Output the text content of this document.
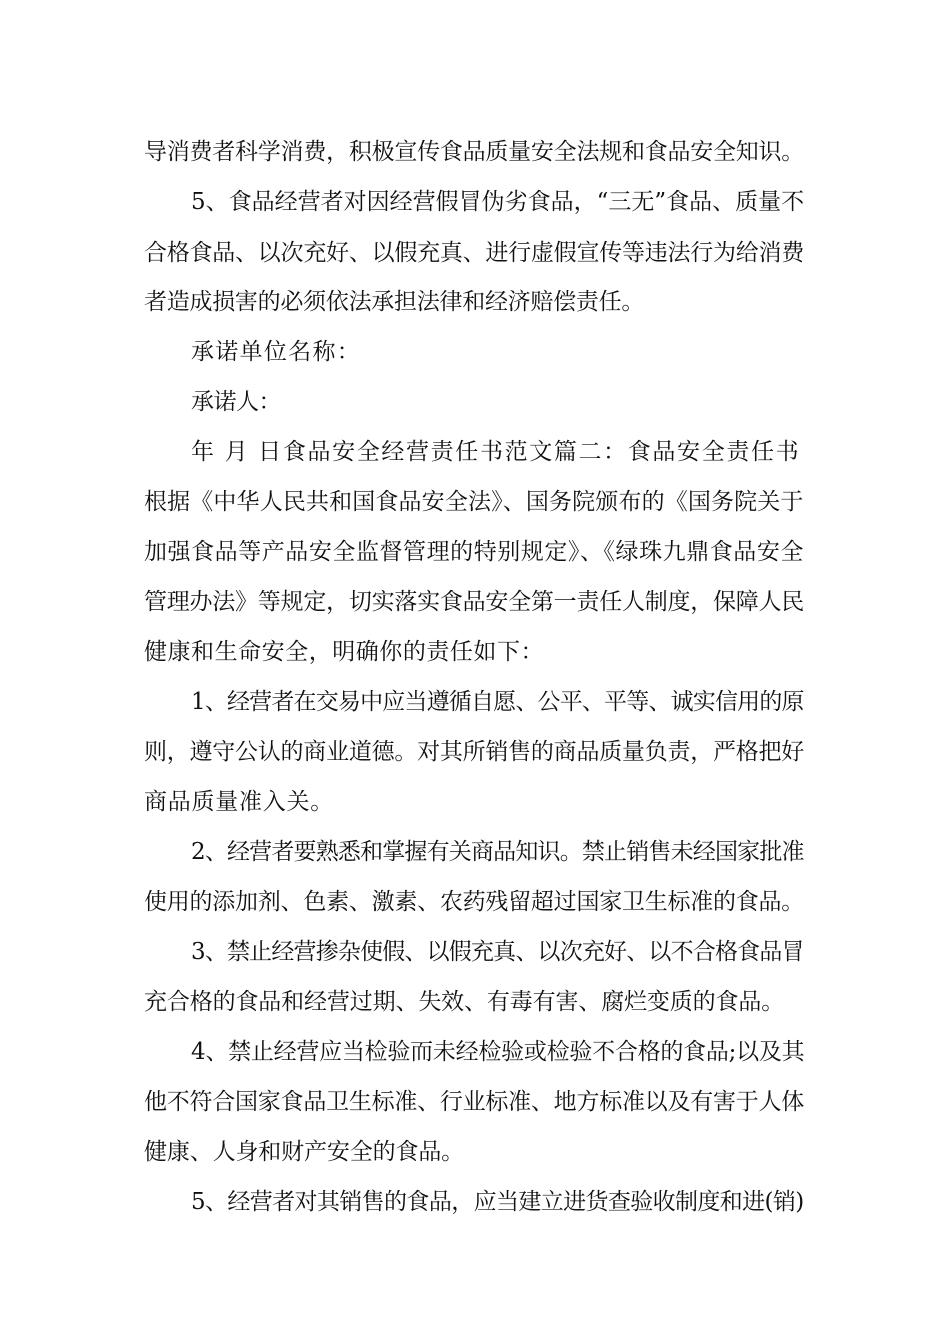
导消费者科学消费，积极宣传食品质量安全法规和食品安全知识。
5、食品经营者对因经营假冒伪劣食品，“三无”食品、质量不
合格食品、以次充好、以假充真、进行虚假宣传等违法行为给消费
者造成损害的必须依法承担法律和经济赔偿责任。
承诺单位名称：
承诺人：
年 月 日食品安全经营责任书范文篇二：食品安全责任书
根据《中华人民共和国食品安全法》、国务院颁布的《国务院关于
加强食品等产品安全监督管理的特别规定》、《绿珠九鼎食品安全
管理办法》等规定，切实落实食品安全第一责任人制度，保障人民
健康和生命安全，明确你的责任如下：
1、经营者在交易中应当遵循自愿、公平、平等、诚实信用的原
则，遵守公认的商业道德。对其所销售的商品质量负责，严格把好
商品质量准入关。
2、经营者要熟悉和掌握有关商品知识。禁止销售未经国家批准
使用的添加剂、色素、激素、农药残留超过国家卫生标准的食品。
3、禁止经营掺杂使假、以假充真、以次充好、以不合格食品冒
充合格的食品和经营过期、失效、有毒有害、腐烂变质的食品。
4、禁止经营应当检验而未经检验或检验不合格的食品;以及其
他不符合国家食品卫生标准、行业标准、地方标准以及有害于人体
健康、人身和财产安全的食品。
5、经营者对其销售的食品，应当建立进货查验收制度和进(销)
